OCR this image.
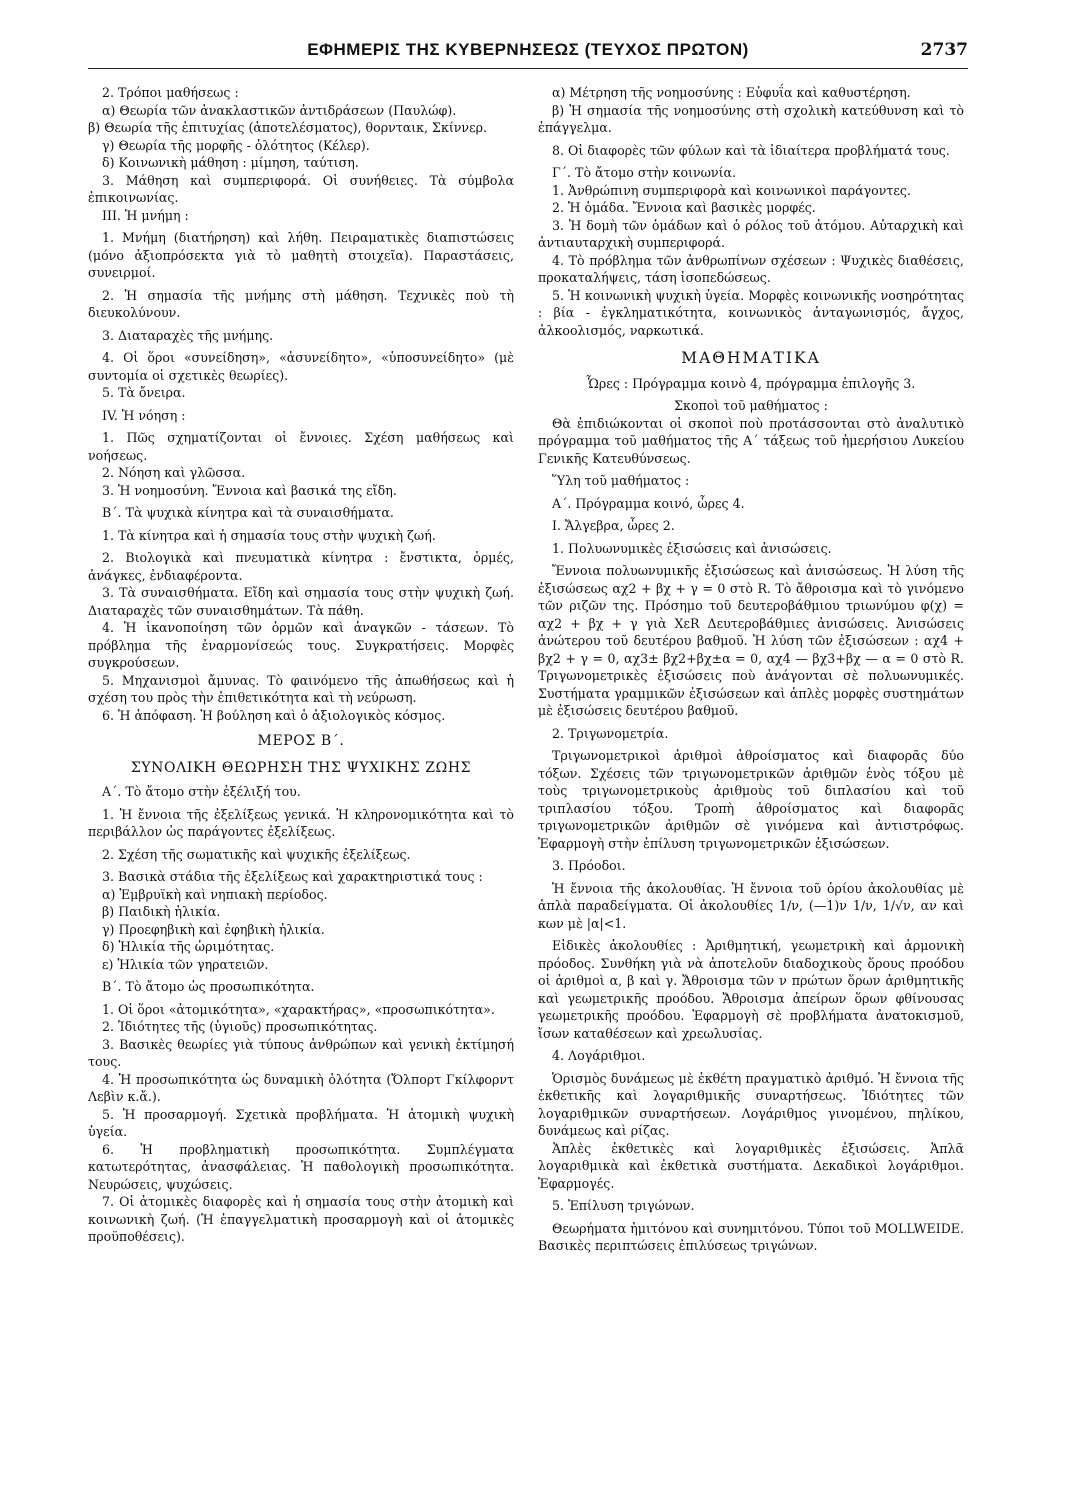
ΕΦΗΜΕΡΙΣ ΤΗΣ ΚΥΒΕΡΝΗΣΕΩΣ (ΤΕΥΧΟΣ ΠΡΩΤΟΝ)	2737

2. Τρόποι μαθήσεως :

α) Θεωρία τῶν ἀνακλαστικῶν ἀντιδράσεων (Παυλώφ).

β) Θεωρία τῆς ἐπιτυχίας (ἀποτελέσματος), θορνταικ, Σκίννερ.

γ) Θεωρία τῆς μορφῆς - ὁλότητος (Κέλερ).

δ) Κοινωνικὴ μάθηση : μίμηση, ταύτιση.

3. Μάθηση καὶ συμπεριφορά. Οἱ συνήθειες. Τὰ σύμβολα ἐπικοινωνίας.

ΙΙΙ. Ἡ μνήμη :

1. Μνήμη (διατήρηση) καὶ λήθη. Πειραματικὲς διαπιστώσεις (μόνο ἀξιοπρόσεκτα γιὰ τὸ μαθητὴ στοιχεῖα). Παραστάσεις, συνειρμοί.

2. Ἡ σημασία τῆς μνήμης στὴ μάθηση. Τεχνικὲς ποὺ τὴ διευκολύνουν.

3. Διαταραχὲς τῆς μνήμης.

4. Οἱ ὅροι «συνείδηση», «ἀσυνείδητο», «ὑποσυνείδητο» (μὲ συντομία οἱ σχετικὲς θεωρίες).

5. Τὰ ὄνειρα.

IV. Ἡ νόηση :

1. Πῶς σχηματίζονται οἱ ἔννοιες. Σχέση μαθήσεως καὶ νοήσεως.

2. Νόηση καὶ γλῶσσα.

3. Ἡ νοημοσύνη. Ἔννοια καὶ βασικά της εἴδη.

Β΄. Τὰ ψυχικὰ κίνητρα καὶ τὰ συναισθήματα.

1. Τὰ κίνητρα καὶ ἡ σημασία τους στὴν ψυχικὴ ζωή.

2. Βιολογικὰ καὶ πνευματικὰ κίνητρα : ἔνστικτα, ὁρμές, ἀνάγκες, ἐνδιαφέροντα.

3. Τὰ συναισθήματα. Εἴδη καὶ σημασία τους στὴν ψυχικὴ ζωή. Διαταραχὲς τῶν συναισθημάτων. Τὰ πάθη.

4. Ἡ ἱκανοποίηση τῶν ὁρμῶν καὶ ἀναγκῶν - τάσεων. Τὸ πρόβλημα τῆς ἐναρμονίσεώς τους. Συγκρατήσεις. Μορφὲς συγκρούσεων.

5. Μηχανισμοὶ ἄμυνας. Τὸ φαινόμενο τῆς ἀπωθήσεως καὶ ἡ σχέση του πρὸς τὴν ἐπιθετικότητα καὶ τὴ νεύρωση.

6. Ἡ ἀπόφαση. Ἡ βούληση καὶ ὁ ἀξιολογικὸς κόσμος.

ΜΕΡΟΣ Β΄.

ΣΥΝΟΛΙΚΗ ΘΕΩΡΗΣΗ ΤΗΣ ΨΥΧΙΚΗΣ ΖΩΗΣ

Α΄. Τὸ ἄτομο στὴν ἐξέλιξή του.

1. Ἡ ἔννοια τῆς ἐξελίξεως γενικά. Ἡ κληρονομικότητα καὶ τὸ περιβάλλον ὡς παράγοντες ἐξελίξεως.

2. Σχέση τῆς σωματικῆς καὶ ψυχικῆς ἐξελίξεως.

3. Βασικὰ στάδια τῆς ἐξελίξεως καὶ χαρακτηριστικά τους :

α) Ἐμβρυϊκὴ καὶ νηπιακὴ περίοδος.

β) Παιδικὴ ἡλικία.

γ) Προεφηβικὴ καὶ ἐφηβικὴ ἡλικία.

δ) Ἡλικία τῆς ὡριμότητας.

ε) Ἡλικία τῶν γηρατειῶν.

Β΄. Τὸ ἄτομο ὡς προσωπικότητα.

1. Οἱ ὅροι «ἀτομικότητα», «χαρακτήρας», «προσωπικότητα».

2. Ἰδιότητες τῆς (ὑγιοῦς) προσωπικότητας.

3. Βασικὲς θεωρίες γιὰ τύπους ἀνθρώπων καὶ γενικὴ ἐκτίμησή τους.

4. Ἡ προσωπικότητα ὡς δυναμικὴ ὁλότητα (Ὄλπορτ Γκίλφορντ Λεβὶν κ.ἄ.).

5. Ἡ προσαρμογή. Σχετικὰ προβλήματα. Ἡ ἀτομικὴ ψυχικὴ ὑγεία.

6. Ἡ προβληματικὴ προσωπικότητα. Συμπλέγματα κατωτερότητας, ἀνασφάλειας. Ἡ παθολογικὴ προσωπικότητα. Νευρώσεις, ψυχώσεις.

7. Οἱ ἀτομικὲς διαφορὲς καὶ ἡ σημασία τους στὴν ἀτομικὴ καὶ κοινωνικὴ ζωή. (Ἡ ἐπαγγελματικὴ προσαρμογὴ καὶ οἱ ἀτομικὲς προϋποθέσεις).

α) Μέτρηση τῆς νοημοσύνης : Εὐφυΐα καὶ καθυστέρηση.

β) Ἡ σημασία τῆς νοημοσύνης στὴ σχολικὴ κατεύθυνση καὶ τὸ ἐπάγγελμα.

8. Οἱ διαφορὲς τῶν φύλων καὶ τὰ ἰδιαίτερα προβλήματά τους.

Γ΄. Τὸ ἄτομο στὴν κοινωνία.

1. Ἀνθρώπινη συμπεριφορὰ καὶ κοινωνικοὶ παράγοντες.

2. Ἡ ὁμάδα. Ἔννοια καὶ βασικὲς μορφές.

3. Ἡ δομὴ τῶν ὁμάδων καὶ ὁ ρόλος τοῦ ἀτόμου. Αὐταρχικὴ καὶ ἀντιαυταρχικὴ συμπεριφορά.

4. Τὸ πρόβλημα τῶν ἀνθρωπίνων σχέσεων : Ψυχικὲς διαθέσεις, προκαταλήψεις, τάση ἰσοπεδώσεως.

5. Ἡ κοινωνικὴ ψυχικὴ ὑγεία. Μορφὲς κοινωνικῆς νοσηρότητας : βία - ἐγκληματικότητα, κοινωνικὸς ἀνταγωνισμός, ἄγχος, ἀλκοολισμός, ναρκωτικά.

ΜΑΘΗΜΑΤΙΚΑ

Ὧρες : Πρόγραμμα κοινὸ 4, πρόγραμμα ἐπιλογῆς 3.

Σκοποὶ τοῦ μαθήματος :

Θὰ ἐπιδιώκονται οἱ σκοποὶ ποὺ προτάσσονται στὸ ἀναλυτικὸ πρόγραμμα τοῦ μαθήματος τῆς Α΄ τάξεως τοῦ ἡμερήσιου Λυκείου Γενικῆς Κατευθύνσεως.

Ὕλη τοῦ μαθήματος :

Α΄. Πρόγραμμα κοινό, ὧρες 4.

Ι. Ἄλγεβρα, ὧρες 2.

1. Πολυωνυμικὲς ἐξισώσεις καὶ ἀνισώσεις.

Ἔννοια πολυωνυμικῆς ἐξισώσεως καὶ ἀνισώσεως. Ἡ λύση τῆς ἐξισώσεως αχ2 + βχ + γ = 0 στὸ R. Τὸ ἄθροισμα καὶ τὸ γινόμενο τῶν ριζῶν της. Πρόσημο τοῦ δευτεροβάθμιου τριωνύμου φ(χ) = αχ2 + βχ + γ γιὰ ΧεR Δευτεροβάθμιες ἀνισώσεις. Ἀνισώσεις ἀνώτερου τοῦ δευτέρου βαθμοῦ. Ἡ λύση τῶν ἐξισώσεων : αχ4 + βχ2 + γ = 0, αχ3± βχ2+βχ±α = 0, αχ4 — βχ3+βχ — α = 0 στὸ R. Τριγωνομετρικὲς ἐξισώσεις ποὺ ἀνάγονται σὲ πολυωνυμικές. Συστήματα γραμμικῶν ἐξισώσεων καὶ ἁπλὲς μορφὲς συστημάτων μὲ ἐξισώσεις δευτέρου βαθμοῦ.

2. Τριγωνομετρία.

Τριγωνομετρικοὶ ἀριθμοὶ ἀθροίσματος καὶ διαφορᾶς δύο τόξων. Σχέσεις τῶν τριγωνομετρικῶν ἀριθμῶν ἑνὸς τόξου μὲ τοὺς τριγωνομετρικοὺς ἀριθμοὺς τοῦ διπλασίου καὶ τοῦ τριπλασίου τόξου. Τροπὴ ἀθροίσματος καὶ διαφορᾶς τριγωνομετρικῶν ἀριθμῶν σὲ γινόμενα καὶ ἀντιστρόφως. Ἐφαρμογὴ στὴν ἐπίλυση τριγωνομετρικῶν ἐξισώσεων.

3. Πρόοδοι.

Ἡ ἔννοια τῆς ἀκολουθίας. Ἡ ἔννοια τοῦ ὁρίου ἀκολουθίας μὲ ἁπλὰ παραδείγματα. Οἱ ἀκολουθίες 1/ν, (—1)ν 1/ν, 1/√ν, αν καὶ κων μὲ |α|<1.

Εἰδικὲς ἀκολουθίες : Ἀριθμητική, γεωμετρικὴ καὶ ἁρμονικὴ πρόοδος. Συνθήκη γιὰ νὰ ἀποτελοῦν διαδοχικοὺς ὅρους προόδου οἱ ἀριθμοὶ α, β καὶ γ. Ἄθροισμα τῶν ν πρώτων ὅρων ἀριθμητικῆς καὶ γεωμετρικῆς προόδου. Ἄθροισμα ἀπείρων ὅρων φθίνουσας γεωμετρικῆς προόδου. Ἐφαρμογὴ σὲ προβλήματα ἀνατοκισμοῦ, ἴσων καταθέσεων καὶ χρεωλυσίας.

4. Λογάριθμοι.

Ὁρισμὸς δυνάμεως μὲ ἐκθέτη πραγματικὸ ἀριθμό. Ἡ ἔννοια τῆς ἐκθετικῆς καὶ λογαριθμικῆς συναρτήσεως. Ἰδιότητες τῶν λογαριθμικῶν συναρτήσεων. Λογάριθμος γινομένου, πηλίκου, δυνάμεως καὶ ρίζας.

Ἁπλὲς ἐκθετικὲς καὶ λογαριθμικὲς ἐξισώσεις. Ἁπλᾶ λογαριθμικὰ καὶ ἐκθετικὰ συστήματα. Δεκαδικοὶ λογάριθμοι. Ἐφαρμογές.

5. Ἐπίλυση τριγώνων.

Θεωρήματα ἡμιτόνου καὶ συνημιτόνου. Τύποι τοῦ MOLLWEIDE. Βασικὲς περιπτώσεις ἐπιλύσεως τριγώνων.
